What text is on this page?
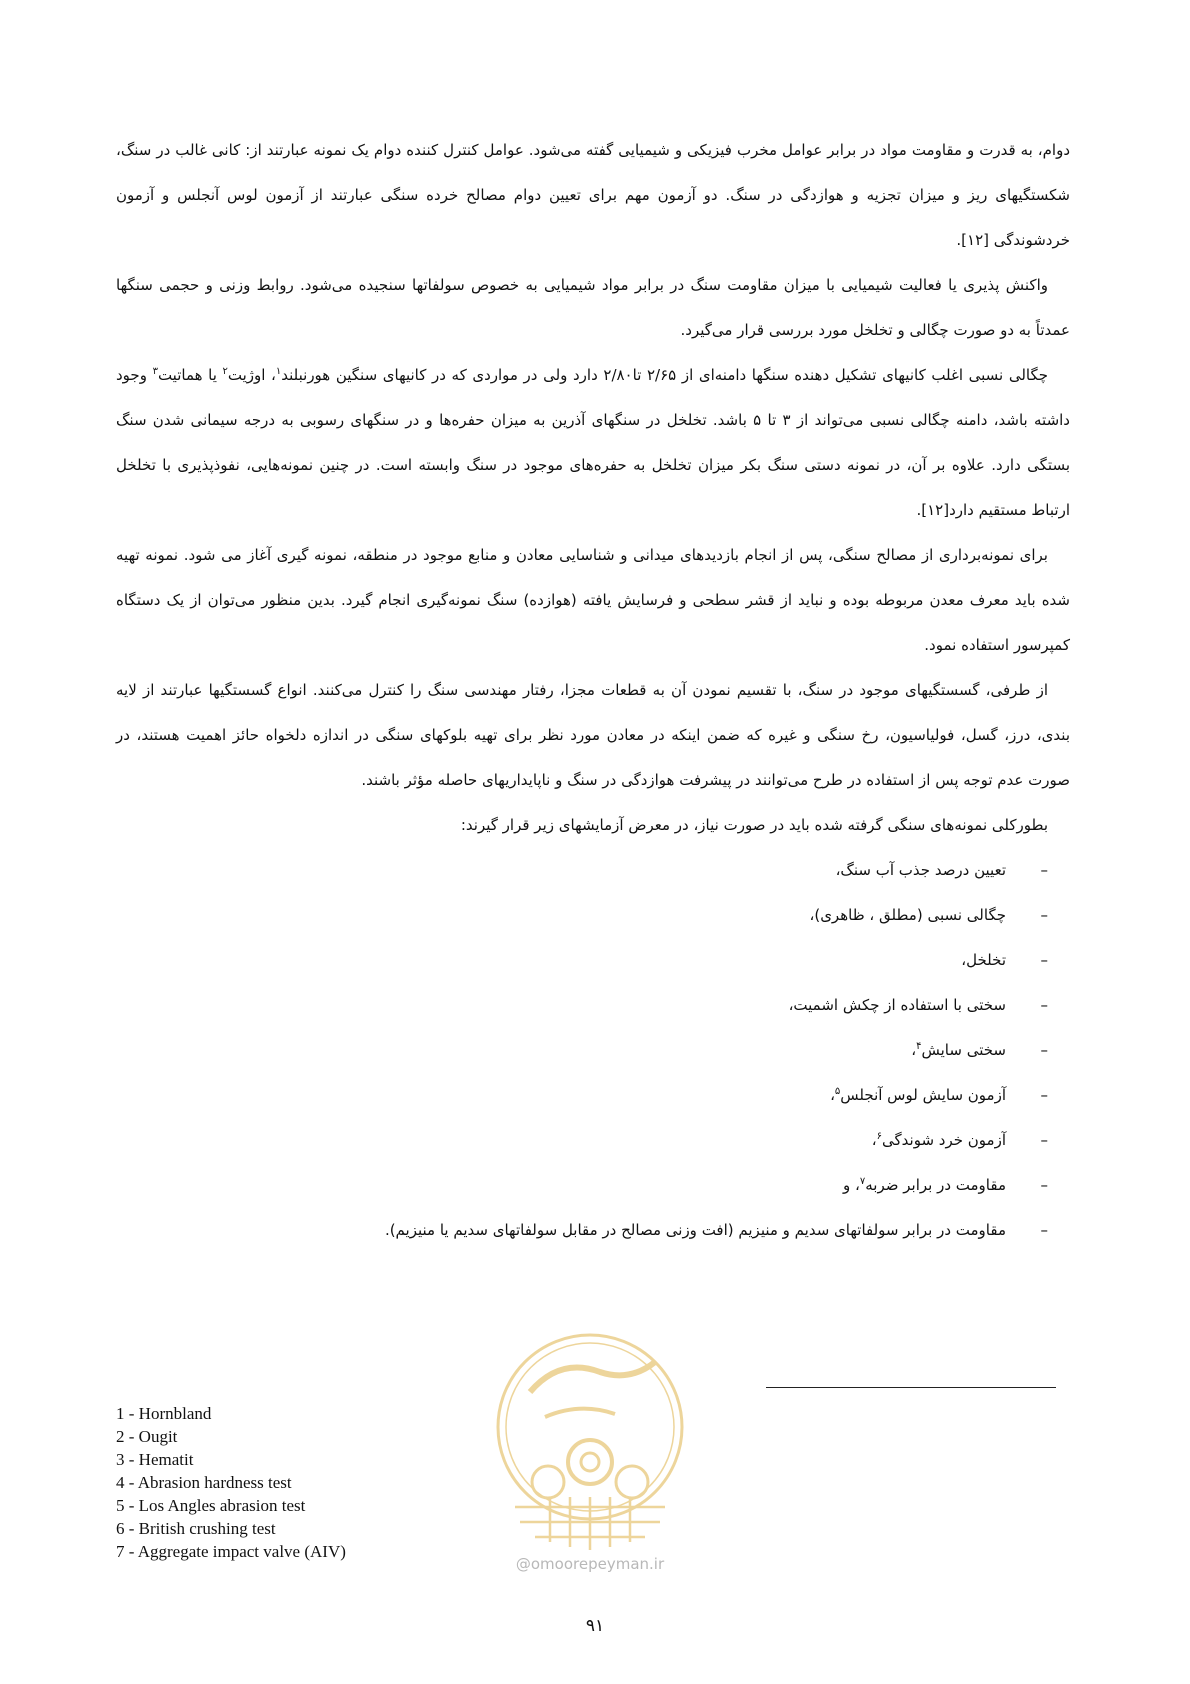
دوام، به قدرت و مقاومت مواد در برابر عوامل مخرب فیزیکی و شیمیایی گفته می‌شود. عوامل کنترل کننده دوام یک نمونه عبارتند از: کانی غالب در سنگ، شکستگیهای ریز و میزان تجزیه و هوازدگی در سنگ. دو آزمون مهم برای تعیین دوام مصالح خرده سنگی عبارتند از آزمون لوس آنجلس و آزمون خردشوندگی [۱۲].

واکنش پذیری یا فعالیت شیمیایی با میزان مقاومت سنگ در برابر مواد شیمیایی به خصوص سولفاتها سنجیده می‌شود. روابط وزنی و حجمی سنگها عمدتاً به دو صورت چگالی و تخلخل مورد بررسی قرار می‌گیرد.

چگالی نسبی اغلب کانیهای تشکیل دهنده سنگها دامنه‌ای از ۲/۶۵ تا۲/۸۰ دارد ولی در مواردی که در کانیهای سنگین هورنبلند$^۱$، اوژیت$^۲$ یا هماتیت$^۳$ وجود داشته باشد، دامنه چگالی نسبی می‌تواند از ۳ تا ۵ باشد. تخلخل در سنگهای آذرین به میزان حفره‌ها و در سنگهای رسوبی به درجه سیمانی شدن سنگ بستگی دارد. علاوه بر آن، در نمونه دستی سنگ بکر میزان تخلخل به حفره‌های موجود در سنگ وابسته است. در چنین نمونه‌هایی، نفوذپذیری با تخلخل ارتباط مستقیم دارد[۱۲].

برای نمونه‌برداری از مصالح سنگی، پس از انجام بازدیدهای میدانی و شناسایی معادن و منابع موجود در منطقه، نمونه گیری آغاز می شود. نمونه تهیه شده باید معرف معدن مربوطه بوده و نباید از قشر سطحی و فرسایش یافته (هوازده) سنگ نمونه‌گیری انجام گیرد. بدین منظور می‌توان از یک دستگاه کمپرسور استفاده نمود.

از طرفی، گسستگیهای موجود در سنگ، با تقسیم نمودن آن به قطعات مجزا، رفتار مهندسی سنگ را کنترل می‌کنند. انواع گسستگیها عبارتند از لایه بندی، درز، گسل، فولیاسیون، رخ سنگی و غیره که ضمن اینکه در معادن مورد نظر برای تهیه بلوکهای سنگی در اندازه دلخواه حائز اهمیت هستند، در صورت عدم توجه پس از استفاده در طرح می‌توانند در پیشرفت هوازدگی در سنگ و ناپایداریهای حاصله مؤثر باشند.

بطورکلی نمونه‌های سنگی گرفته شده باید در صورت نیاز، در معرض آزمایشهای زیر قرار گیرند:

–
تعیین درصد جذب آب سنگ،
–
چگالی نسبی (مطلق ، ظاهری)،
–
تخلخل،
–
سختی با استفاده از چکش اشمیت،
–
سختی سایش$^۴$،
–
آزمون سایش لوس آنجلس$^۵$،
–
آزمون خرد شوندگی$^۶$،
–
مقاومت در برابر ضربه$^۷$، و
–
مقاومت در برابر سولفاتهای سدیم و منیزیم (افت وزنی مصالح در مقابل سولفاتهای سدیم یا منیزیم).
@omoorepeyman.ir
1 - Hornbland
2 - Ougit
3 - Hematit
4 - Abrasion hardness test
5 - Los Angles abrasion test
6 - British crushing test
7 - Aggregate impact valve (AIV)
۹۱
